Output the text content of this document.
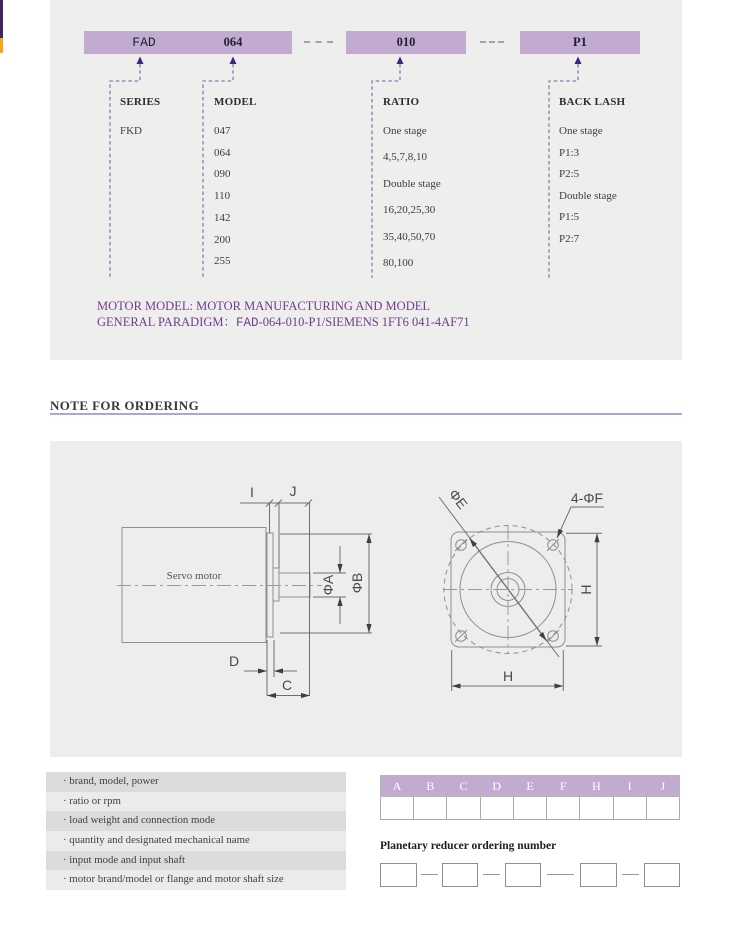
FAD	064	010	P1
SERIES
FKD
MODEL
047
064
090
110
142
200
255
RATIO
One stage
4,5,7,8,10
Double stage
16,20,25,30
35,40,50,70
80,100
BACK LASH
One stage
P1:3
P2:5
Double stage
P1:5
P2:7
MOTOR MODEL: MOTOR MANUFACTURING AND MODEL
GENERAL PARADIGM：FAD-064-010-P1/SIEMENS 1FT6 041-4AF71
NOTE FOR ORDERING
Servo motor
I	J
ΦB
ΦA
D
C
ΦE	4-ΦF
H
H
· brand, model, power
· ratio or rpm
· load weight and connection mode
· quantity and designated mechanical name
· input mode and input shaft
· motor brand/model or flange and motor shaft size
A	B	C	D	E	F	H	I	J
Planetary reducer ordering number
